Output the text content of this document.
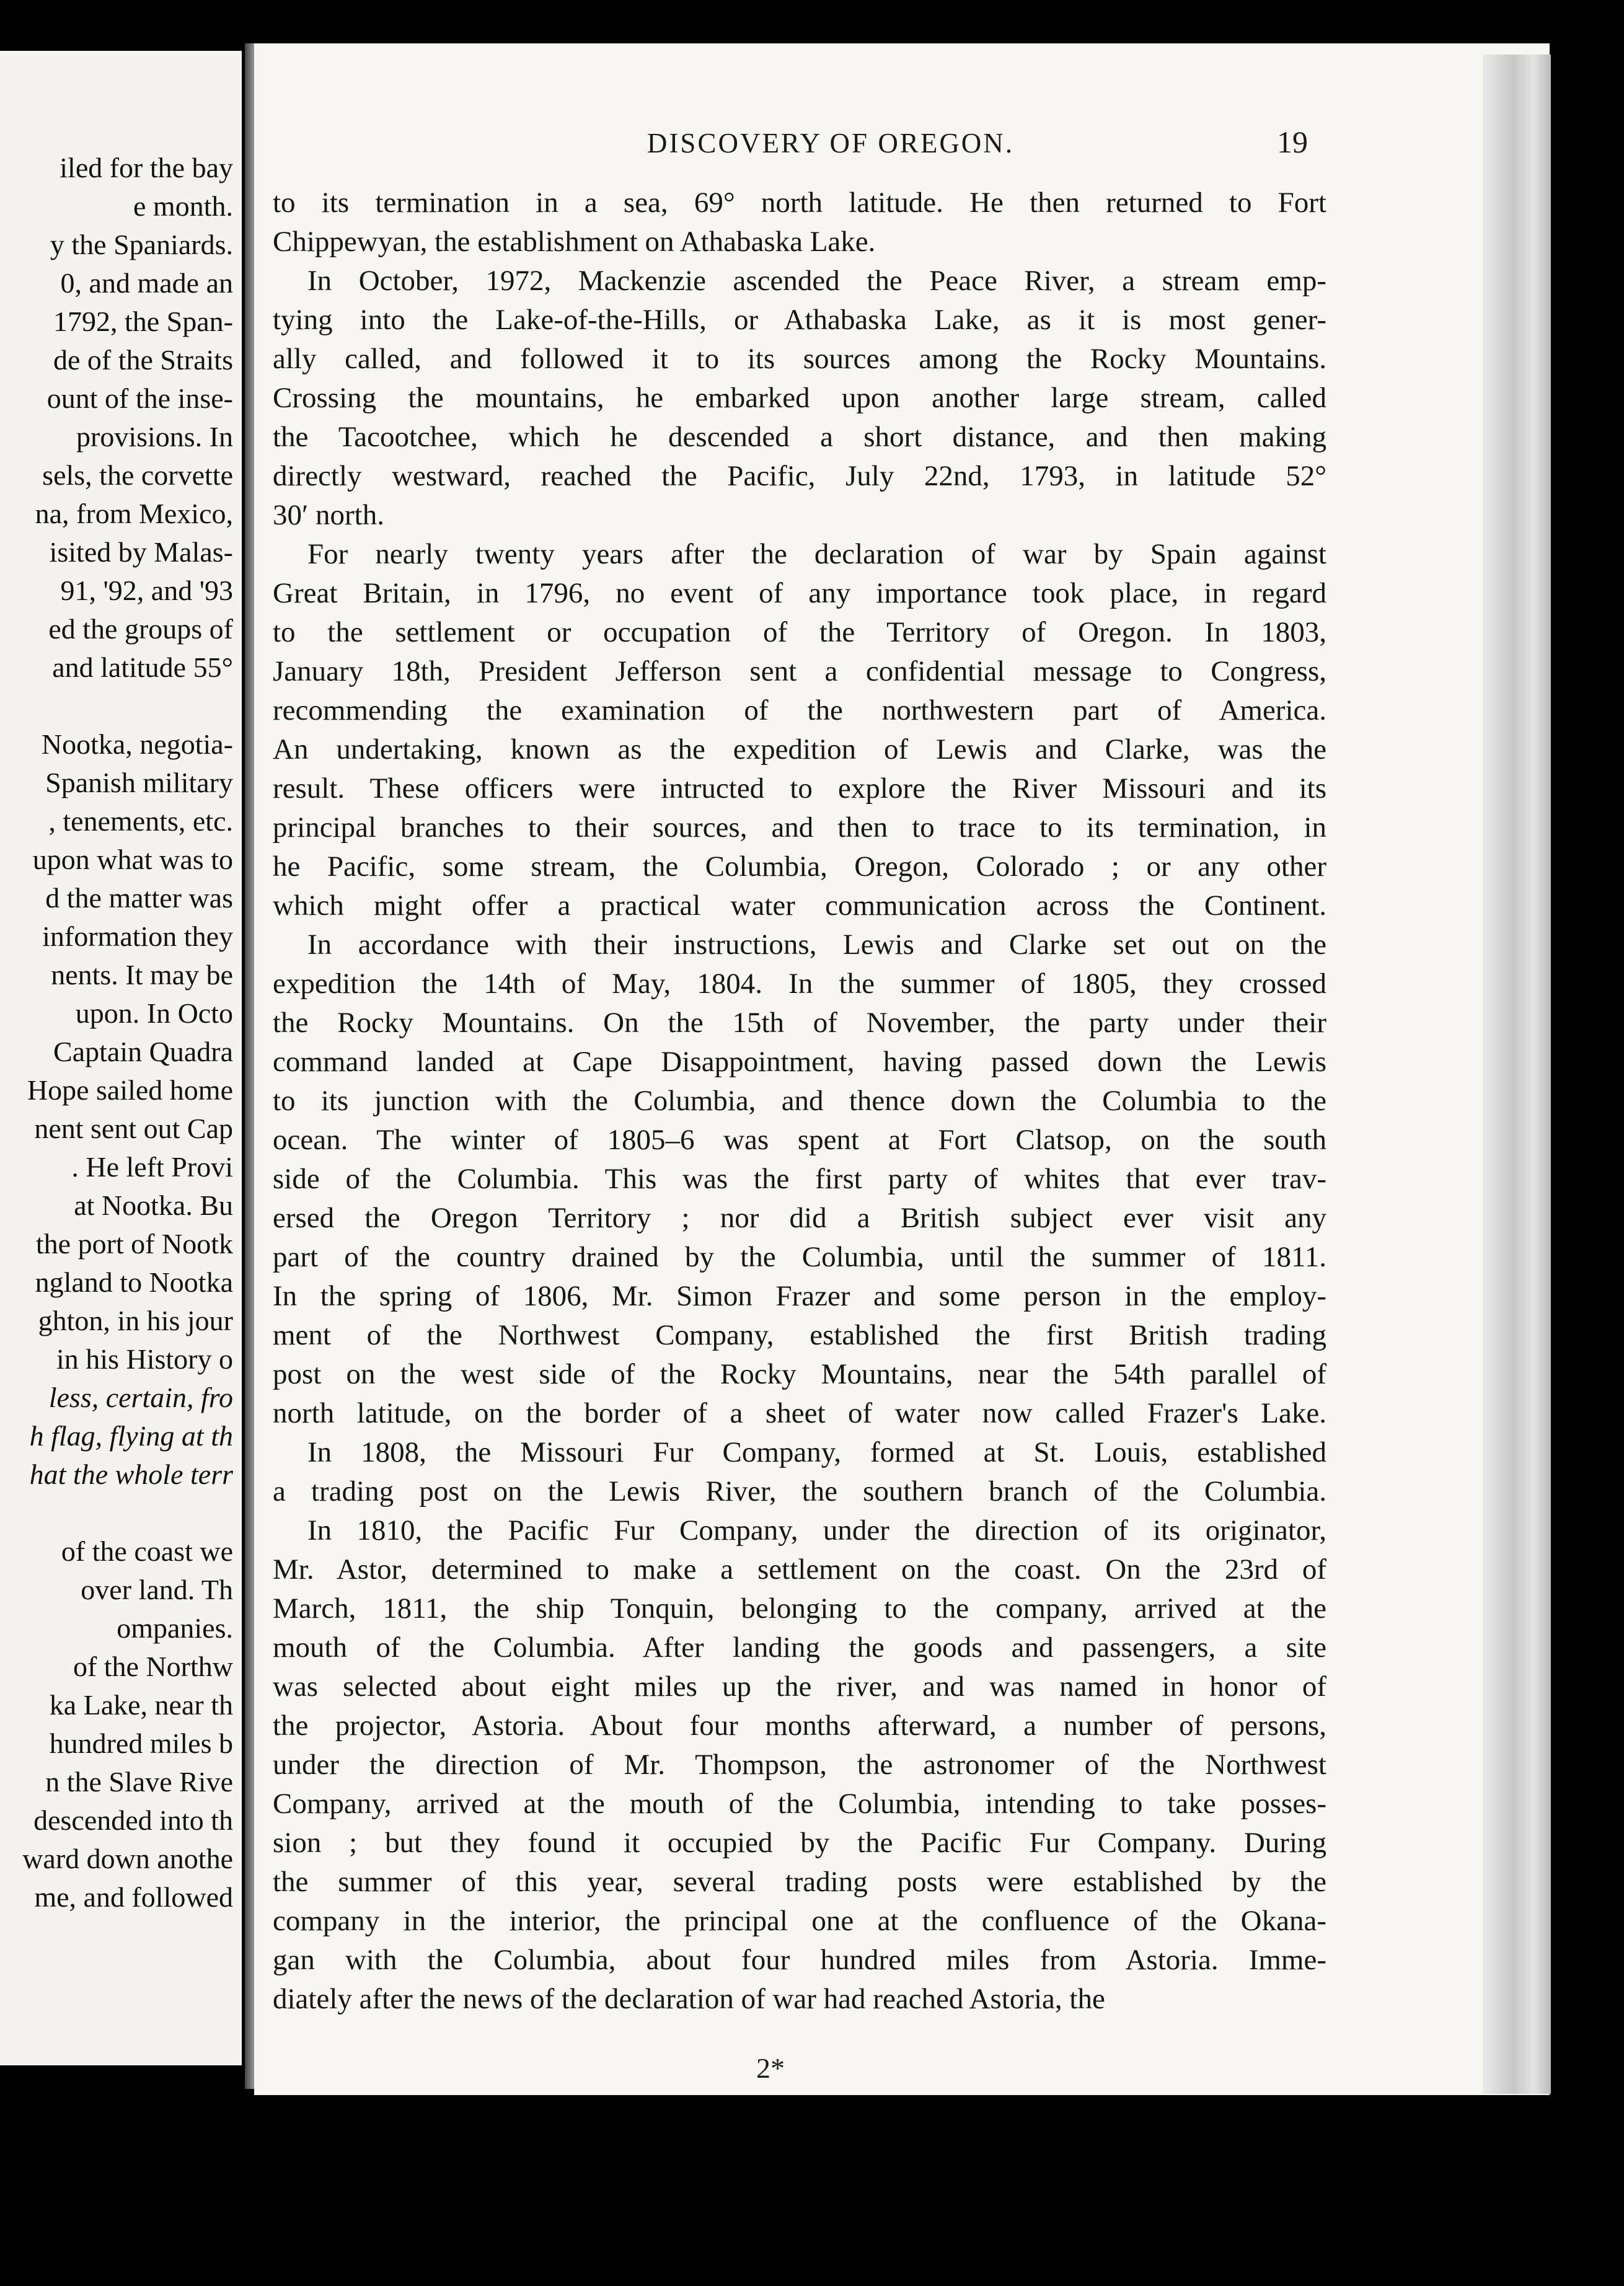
iled for the bay
e month.
y the Spaniards.
0, and made an
1792, the Span-
de of the Straits
ount of the inse-
provisions. In
sels, the corvette
na, from Mexico,
isited by Malas-
91, '92, and '93
ed the groups of
and latitude 55°
Nootka, negotia-
Spanish military
, tenements, etc.
upon what was to
d the matter was
information they
nents. It may be
upon. In Octo
Captain Quadra
Hope sailed home
nent sent out Cap
. He left Provi
at Nootka. Bu
the port of Nootk
ngland to Nootka
ghton, in his jour
in his History o
less, certain, fro
h flag, flying at th
hat the whole terr
of the coast we
over land. Th
ompanies.
of the Northw
ka Lake, near th
hundred miles b
n the Slave Rive
descended into th
ward down anothe
me, and followed
DISCOVERY OF OREGON.	19
to its termination in a sea, 69° north latitude. He then returned to Fort
Chippewyan, the establishment on Athabaska Lake.
In October, 1972, Mackenzie ascended the Peace River, a stream emp-
tying into the Lake-of-the-Hills, or Athabaska Lake, as it is most gener-
ally called, and followed it to its sources among the Rocky Mountains.
Crossing the mountains, he embarked upon another large stream, called
the Tacootchee, which he descended a short distance, and then making
directly westward, reached the Pacific, July 22nd, 1793, in latitude 52°
30′ north.
For nearly twenty years after the declaration of war by Spain against
Great Britain, in 1796, no event of any importance took place, in regard
to the settlement or occupation of the Territory of Oregon. In 1803,
January 18th, President Jefferson sent a confidential message to Congress,
recommending the examination of the northwestern part of America.
An undertaking, known as the expedition of Lewis and Clarke, was the
result. These officers were intructed to explore the River Missouri and its
principal branches to their sources, and then to trace to its termination, in
he Pacific, some stream, the Columbia, Oregon, Colorado ; or any other
which might offer a practical water communication across the Continent.
In accordance with their instructions, Lewis and Clarke set out on the
expedition the 14th of May, 1804. In the summer of 1805, they crossed
the Rocky Mountains. On the 15th of November, the party under their
command landed at Cape Disappointment, having passed down the Lewis
to its junction with the Columbia, and thence down the Columbia to the
ocean. The winter of 1805–6 was spent at Fort Clatsop, on the south
side of the Columbia. This was the first party of whites that ever trav-
ersed the Oregon Territory ; nor did a British subject ever visit any
part of the country drained by the Columbia, until the summer of 1811.
In the spring of 1806, Mr. Simon Frazer and some person in the employ-
ment of the Northwest Company, established the first British trading
post on the west side of the Rocky Mountains, near the 54th parallel of
north latitude, on the border of a sheet of water now called Frazer's Lake.
In 1808, the Missouri Fur Company, formed at St. Louis, established
a trading post on the Lewis River, the southern branch of the Columbia.
In 1810, the Pacific Fur Company, under the direction of its originator,
Mr. Astor, determined to make a settlement on the coast. On the 23rd of
March, 1811, the ship Tonquin, belonging to the company, arrived at the
mouth of the Columbia. After landing the goods and passengers, a site
was selected about eight miles up the river, and was named in honor of
the projector, Astoria. About four months afterward, a number of persons,
under the direction of Mr. Thompson, the astronomer of the Northwest
Company, arrived at the mouth of the Columbia, intending to take posses-
sion ; but they found it occupied by the Pacific Fur Company. During
the summer of this year, several trading posts were established by the
company in the interior, the principal one at the confluence of the Okana-
gan with the Columbia, about four hundred miles from Astoria. Imme-
diately after the news of the declaration of war had reached Astoria, the
2*
